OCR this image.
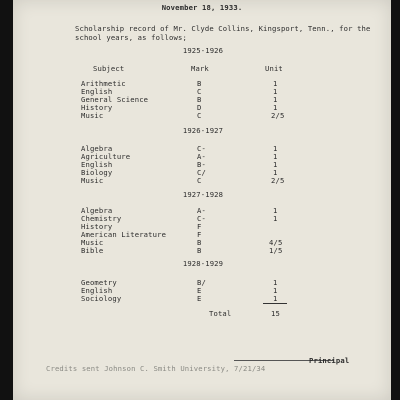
November 18, 1933.
Scholarship record of Mr. Clyde Collins, Kingsport, Tenn., for the
school years, as follows;
1925-1926
Subject	Mark	Unit
Arithmetic	B	1
English	C	1
General Science	B	1
History	D	1
Music	C	2/5
1926-1927
Algebra	C-	1
Agriculture	A-	1
English	B-	1
Biology	C/	1
Music	C	2/5
1927-1928
Algebra	A-	1
Chemistry	C-	1
History	F
American Literature	F
Music	B	4/5
Bible	B	1/5
1928-1929
Geometry	B/	1
English	E	1
Sociology	E	1
Total	15
Principal
Credits sent Johnson C. Smith University, 7/21/34
